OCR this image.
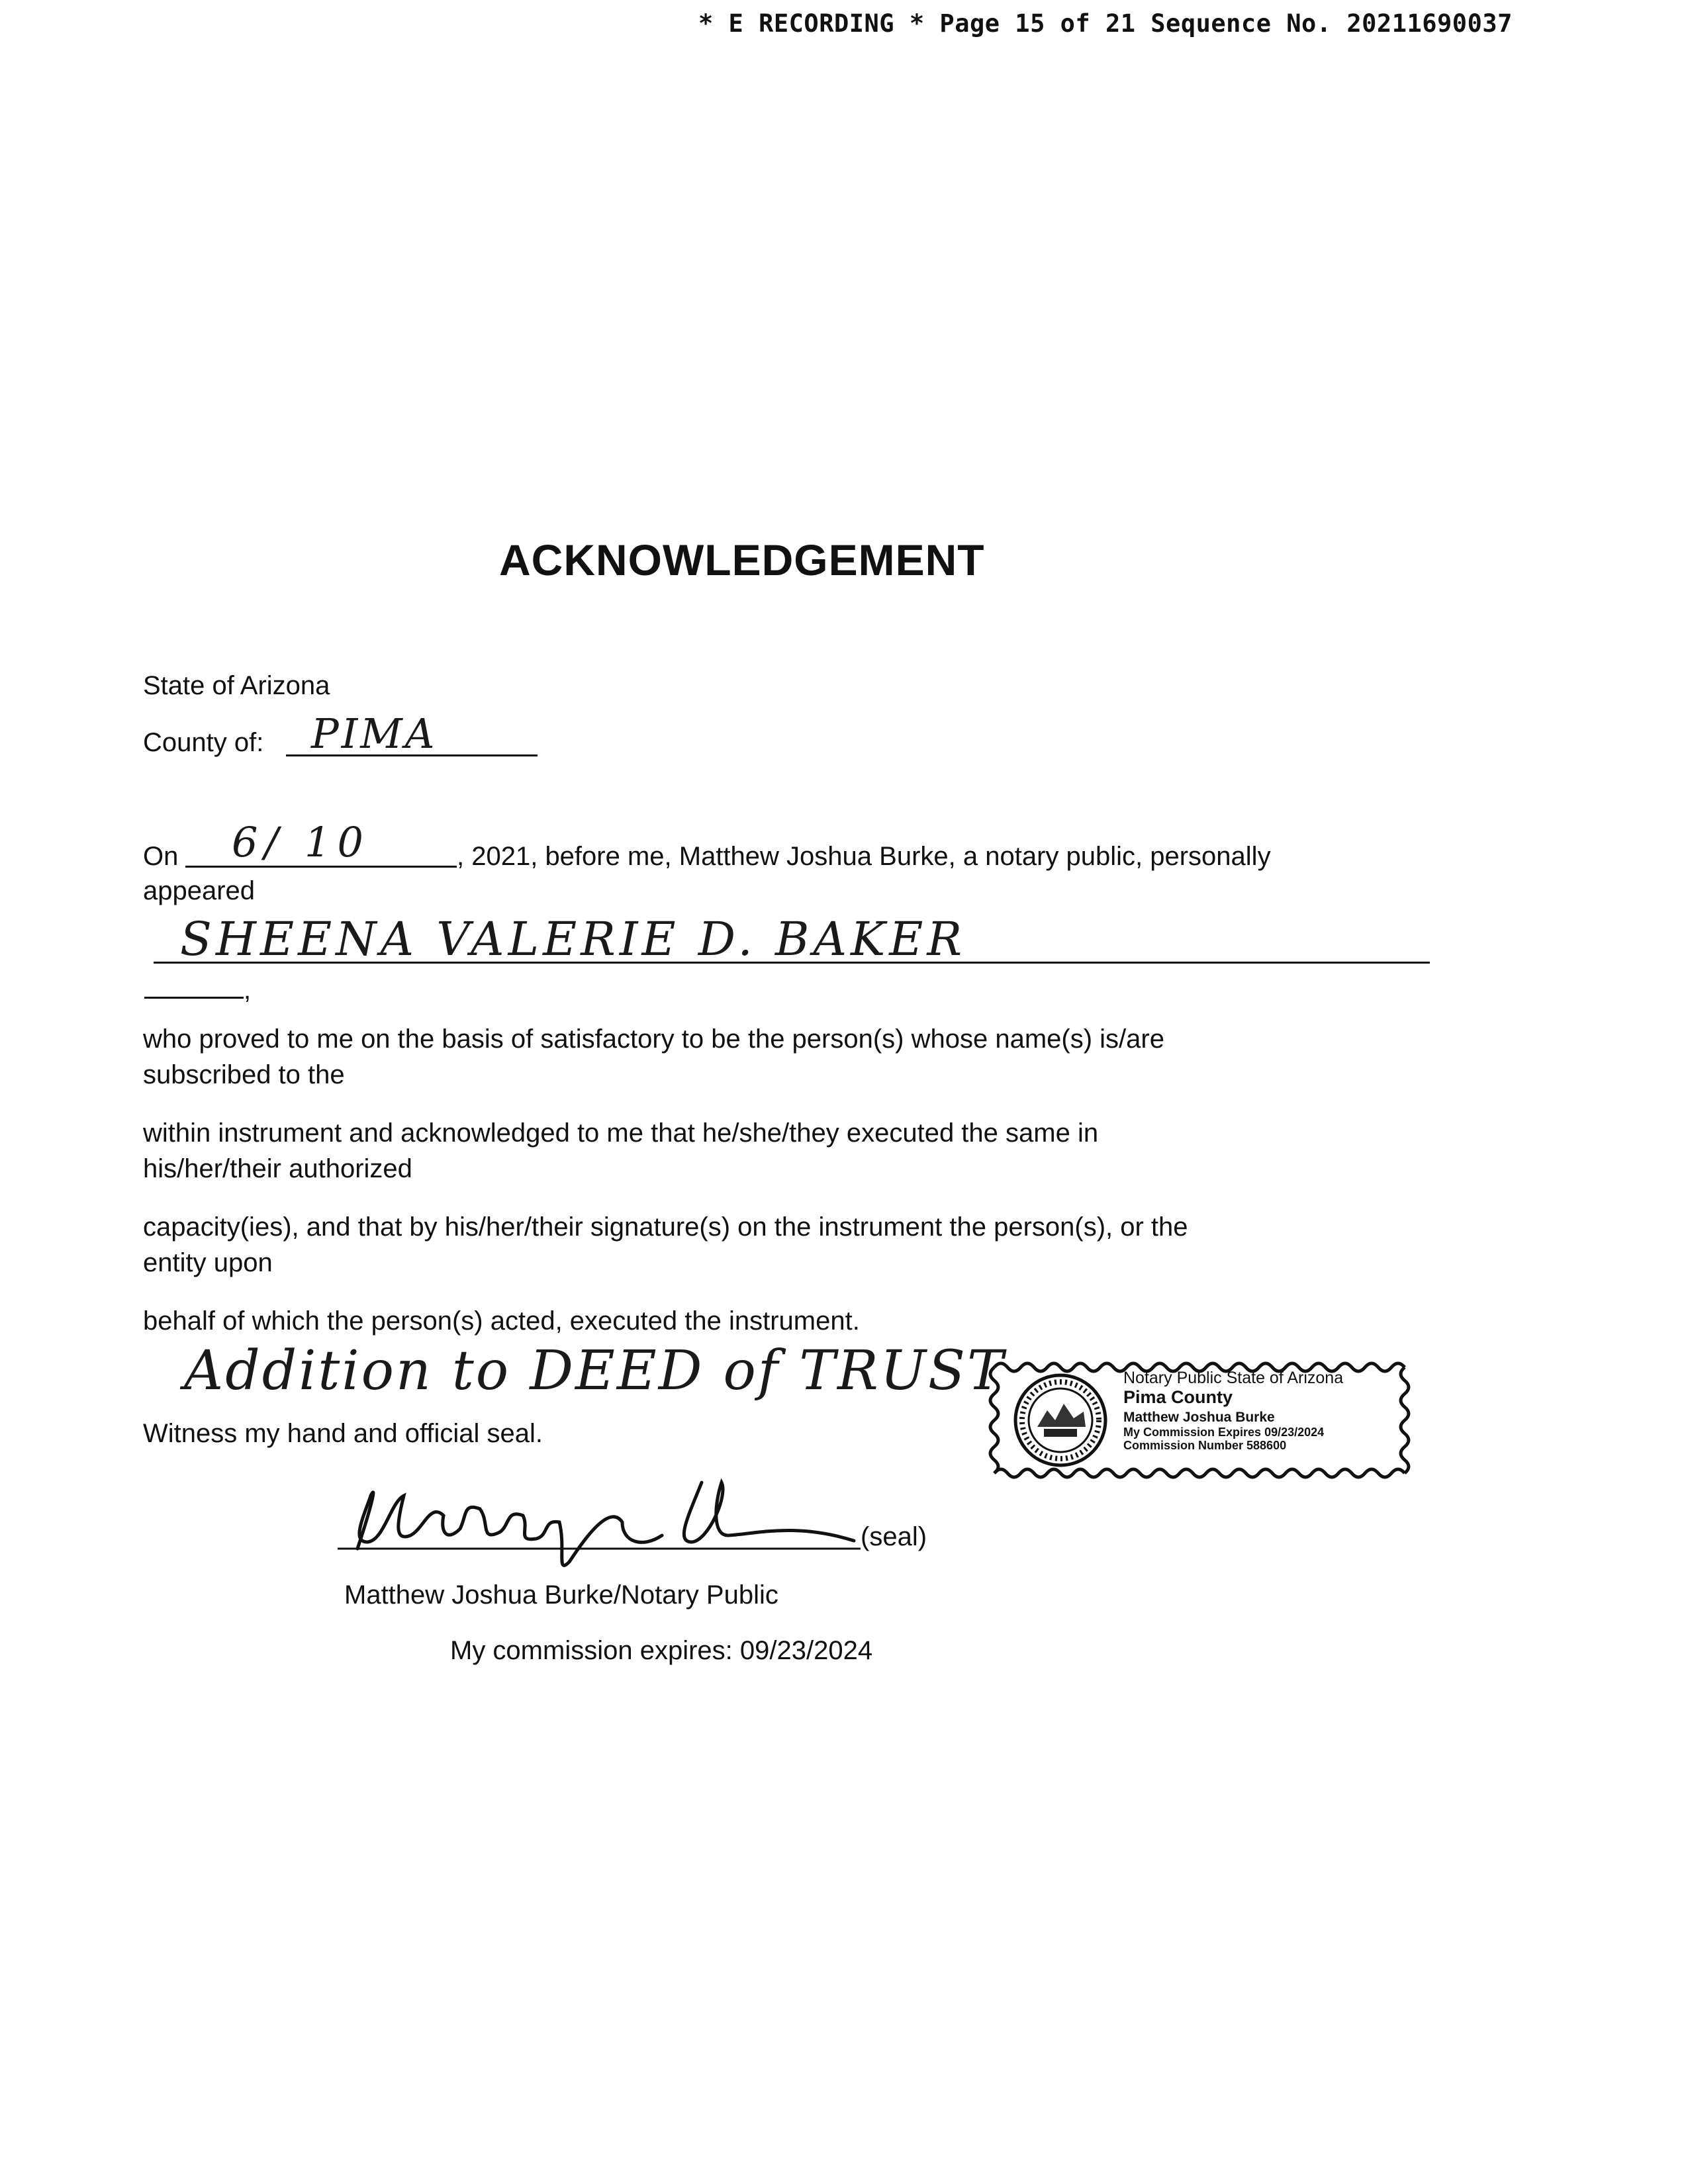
* E RECORDING * Page 15 of 21 Sequence No. 20211690037
ACKNOWLEDGEMENT
State of Arizona
County of: PIMA
On 6/ 10	, 2021, before me, Matthew Joshua Burke, a notary public, personally
appeared
SHEENA VALERIE D. BAKER
,
who proved to me on the basis of satisfactory to be the person(s) whose name(s) is/are
subscribed to the
within instrument and acknowledged to me that he/she/they executed the same in
his/her/their authorized
capacity(ies), and that by his/her/their signature(s) on the instrument the person(s), or the
entity upon
behalf of which the person(s) acted, executed the instrument.
Addition to DEED of TRUST
Witness my hand and official seal.
(seal)
Matthew Joshua Burke/Notary Public
My commission expires: 09/23/2024
Notary Public State of Arizona
Pima County
Matthew Joshua Burke
My Commission Expires 09/23/2024
Commission Number 588600
